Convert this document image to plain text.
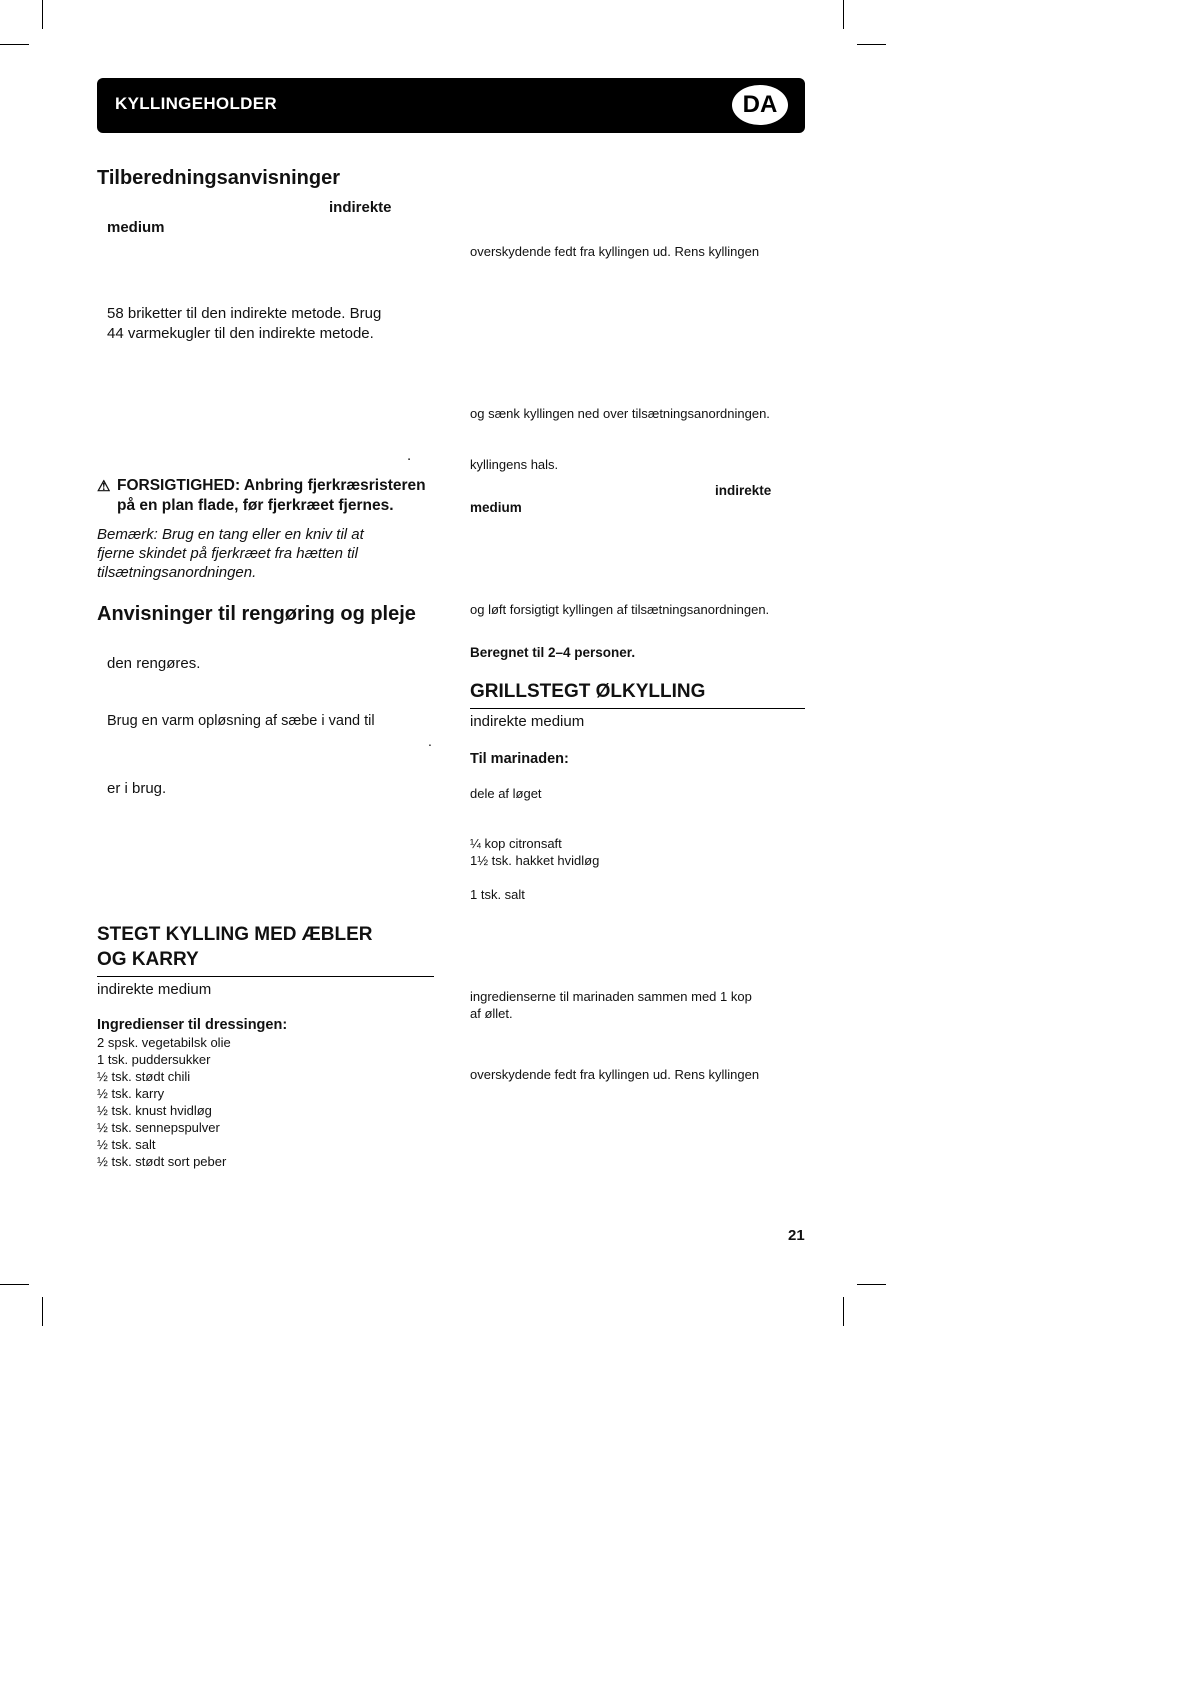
KYLLINGEHOLDER	DA
Tilberedningsanvisninger
indirekte
medium
58 briketter til den indirekte metode. Brug
44 varmekugler til den indirekte metode.
.
⚠ FORSIGTIGHED: Anbring fjerkræsristeren
på en plan flade, før fjerkræet fjernes.
Bemærk: Brug en tang eller en kniv til at
fjerne skindet på fjerkræet fra hætten til
tilsætningsanordningen.
Anvisninger til rengøring og pleje
den rengøres.
Brug en varm opløsning af sæbe i vand til
.
er i brug.
STEGT KYLLING MED ÆBLER
OG KARRY
indirekte medium
Ingredienser til dressingen:
2 spsk. vegetabilsk olie
1 tsk. puddersukker
½ tsk. stødt chili
½ tsk. karry
½ tsk. knust hvidløg
½ tsk. sennepspulver
½ tsk. salt
½ tsk. stødt sort peber
overskydende fedt fra kyllingen ud. Rens kyllingen
og sænk kyllingen ned over tilsætningsanordningen.
kyllingens hals.
indirekte
medium
og løft forsigtigt kyllingen af tilsætningsanordningen.
Beregnet til 2–4 personer.
GRILLSTEGT ØLKYLLING
indirekte medium
Til marinaden:
dele af løget
¼ kop citronsaft
1½ tsk. hakket hvidløg
1 tsk. salt
ingredienserne til marinaden sammen med 1 kop
af øllet.
overskydende fedt fra kyllingen ud. Rens kyllingen
21
